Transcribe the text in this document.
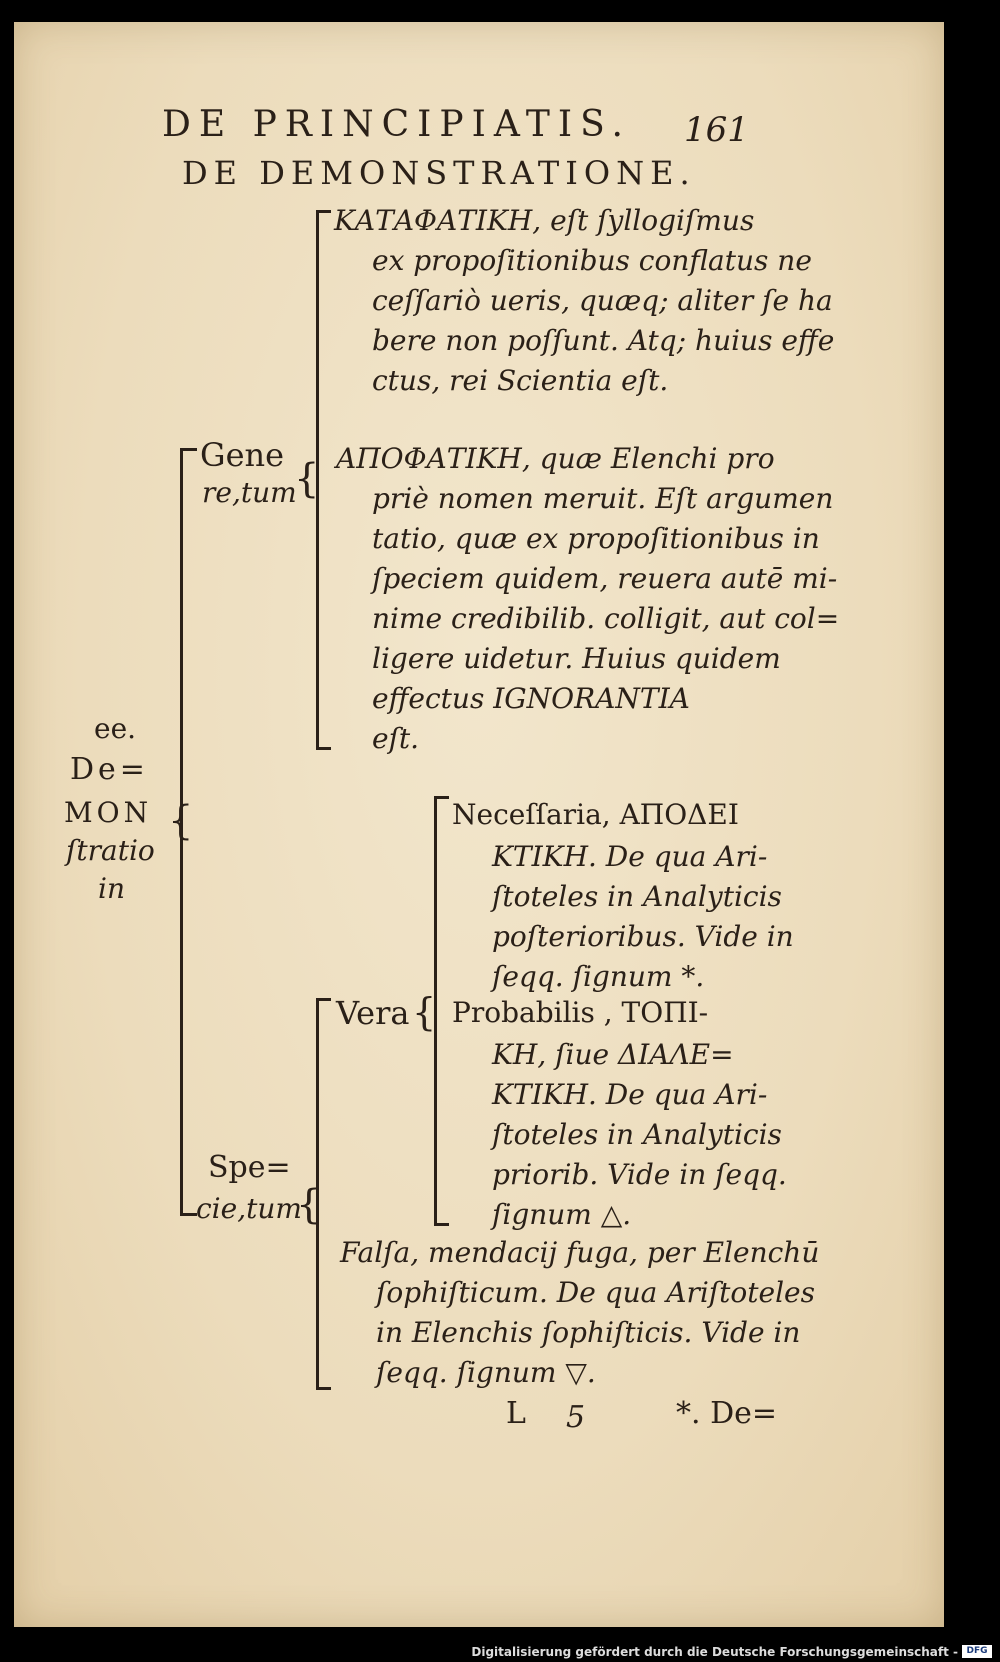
DE PRINCIPIATIS. 161
DE DEMONSTRATIONE.
ee.
De=
MON
ſtratio
in
{
Gene
re,tum
{
ΚΑΤΑΦΑΤΙΚΗ, eſt ſyllogiſmus
ex propoſitionibus conflatus ne
ceſſariò ueris, quæq; aliter ſe ha
bere non poſſunt. Atq; huius effe
ctus, rei Scientia eſt.
ΑΠΟΦΑΤΙΚΗ, quæ Elenchi pro
priè nomen meruit. Eſt argumen
tatio, quæ ex propoſitionibus in
ſpeciem quidem, reuera autē mi-
nime credibilib. colligit, aut col=
ligere uidetur. Huius quidem
effectus IGNORANTIA
eſt.
Spe=
cie,tum
{
Vera {
Neceſſaria, ΑΠΟΔΕΙ
ΚΤΙΚΗ. De qua Ari-
ſtoteles in Analyticis
poſterioribus. Vide in
ſeqq. ſignum *.
Probabilis , ΤΟΠΙ-
ΚΗ, ſiue ΔΙΑΛΕ=
ΚΤΙΚΗ. De qua Ari-
ſtoteles in Analyticis
priorib. Vide in ſeqq.
ſignum △.
Falſa, mendacij fuga, per Elenchū
ſophiſticum. De qua Ariſtoteles
in Elenchis ſophiſticis. Vide in
ſeqq. ſignum ▽.
L 5	*. De=
Digitalisierung gefördert durch die Deutsche Forschungsgemeinschaft - DFG
